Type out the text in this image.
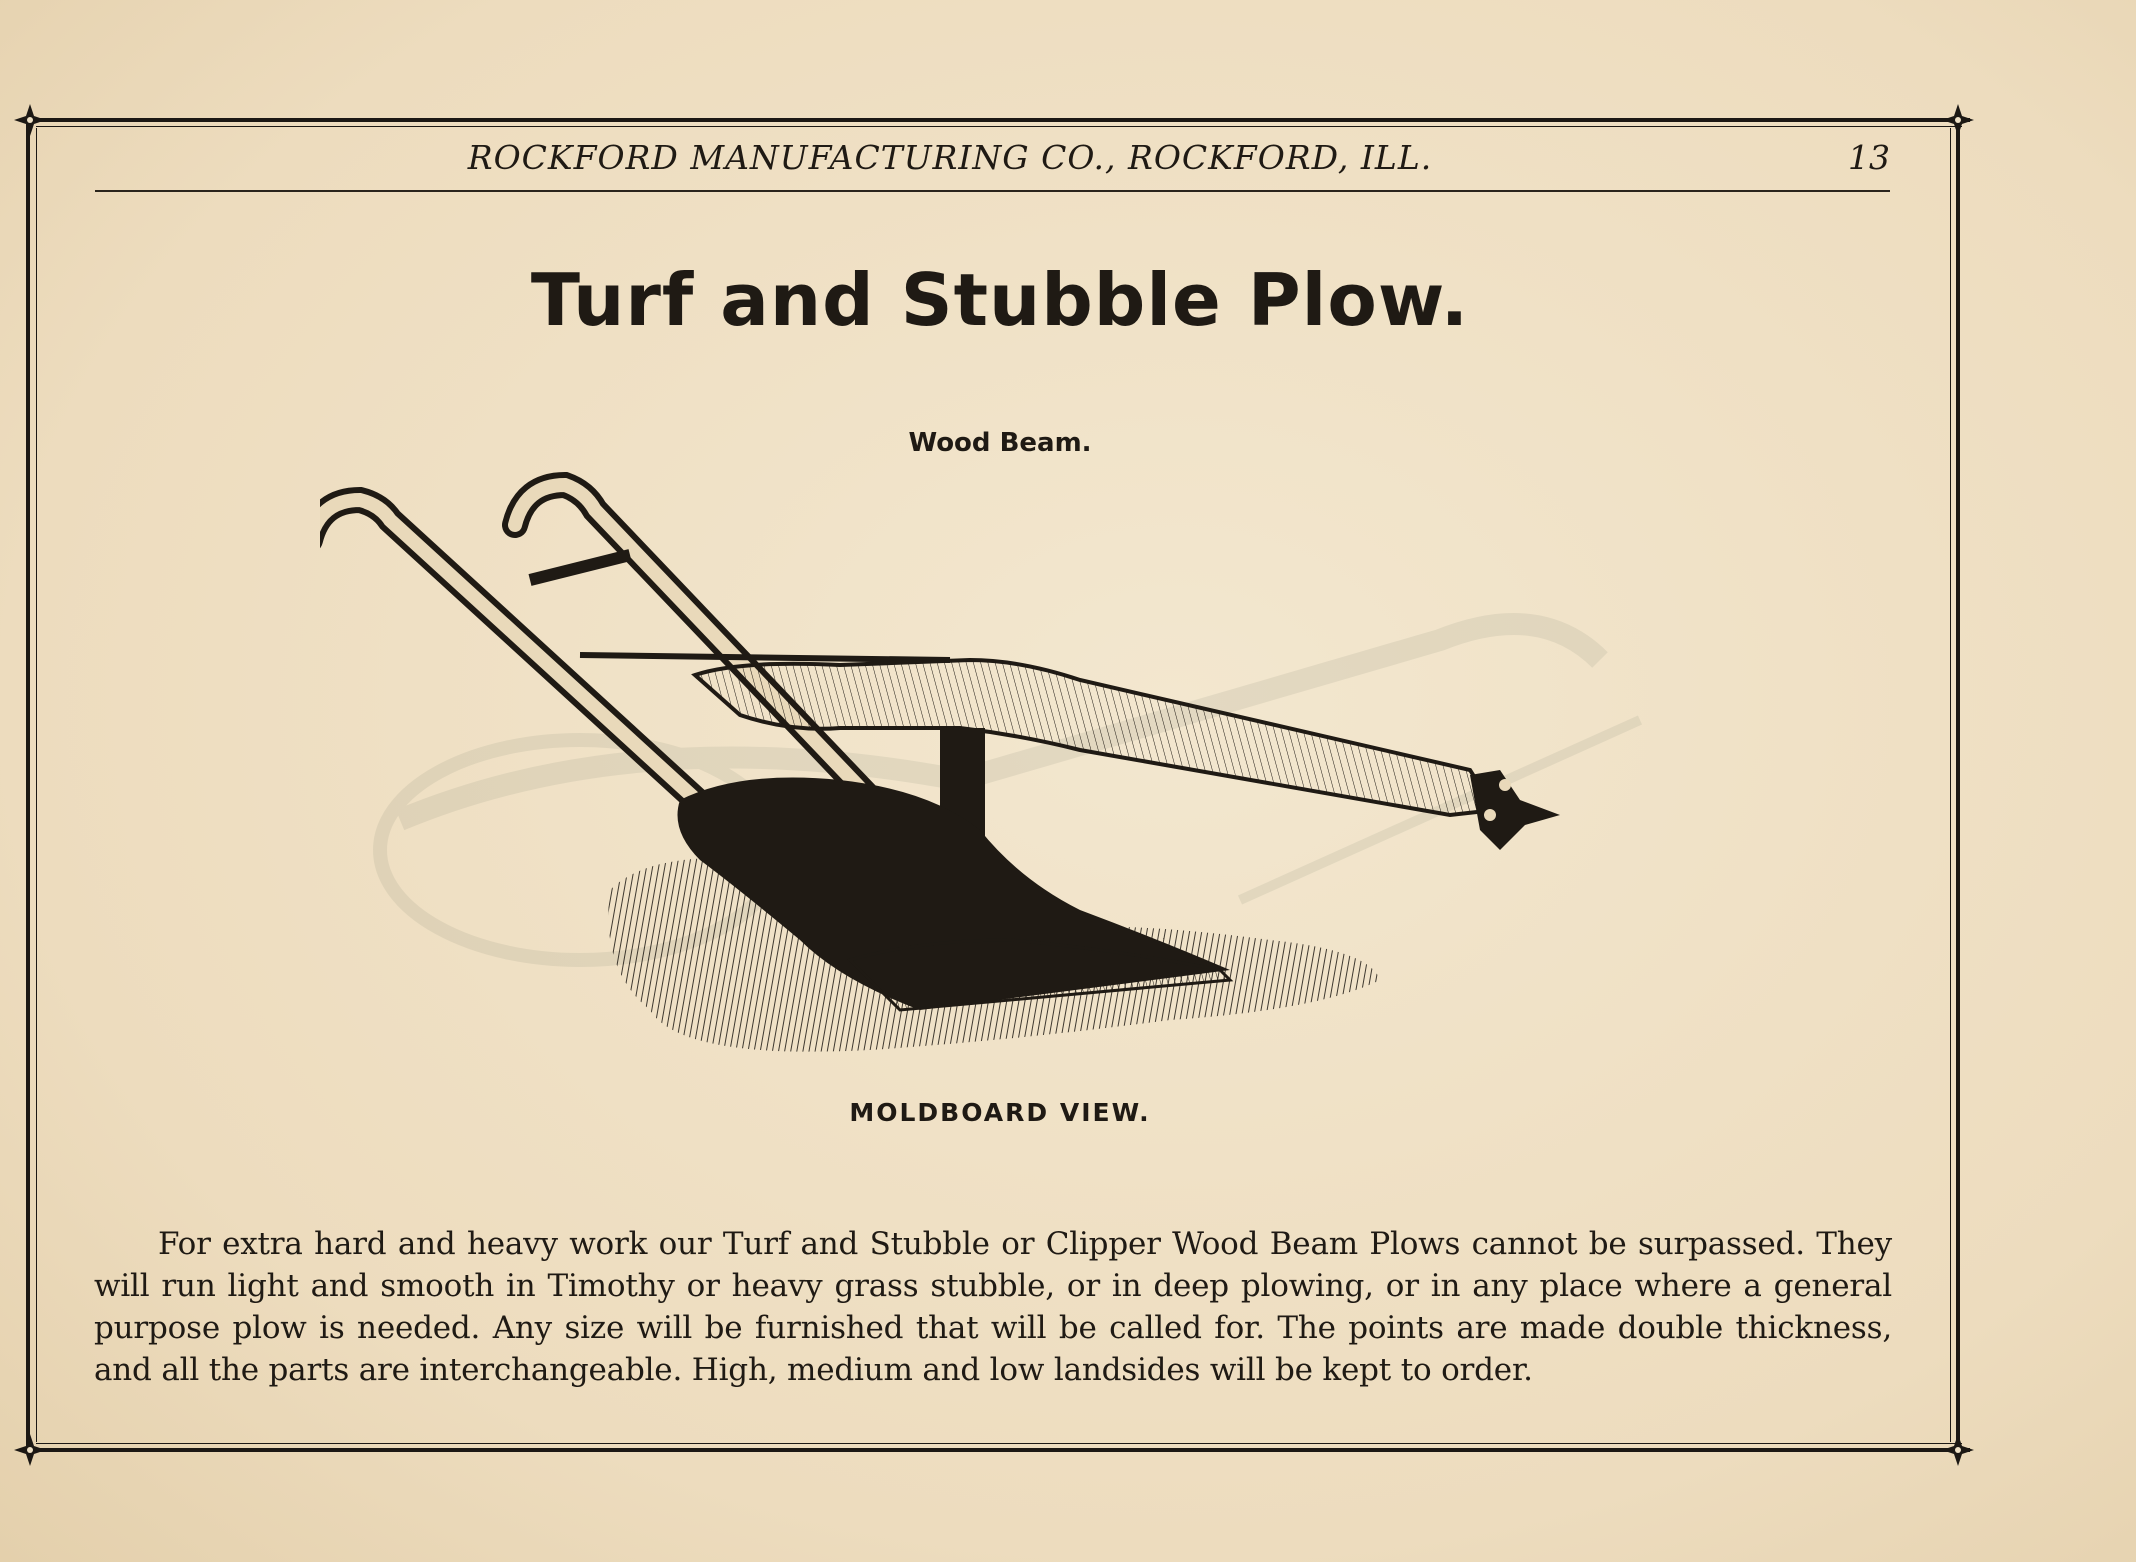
ROCKFORD MANUFACTURING CO., ROCKFORD, ILL.	13
Turf and Stubble Plow.
Wood Beam.
MOLDBOARD VIEW.

For extra hard and heavy work our Turf and Stubble or Clipper Wood Beam Plows cannot be surpassed. They will run light and smooth in Timothy or heavy grass stubble, or in deep plowing, or in any place where a general purpose plow is needed. Any size will be furnished that will be called for. The points are made double thickness, and all the parts are interchangeable. High, medium and low landsides will be kept to order.
